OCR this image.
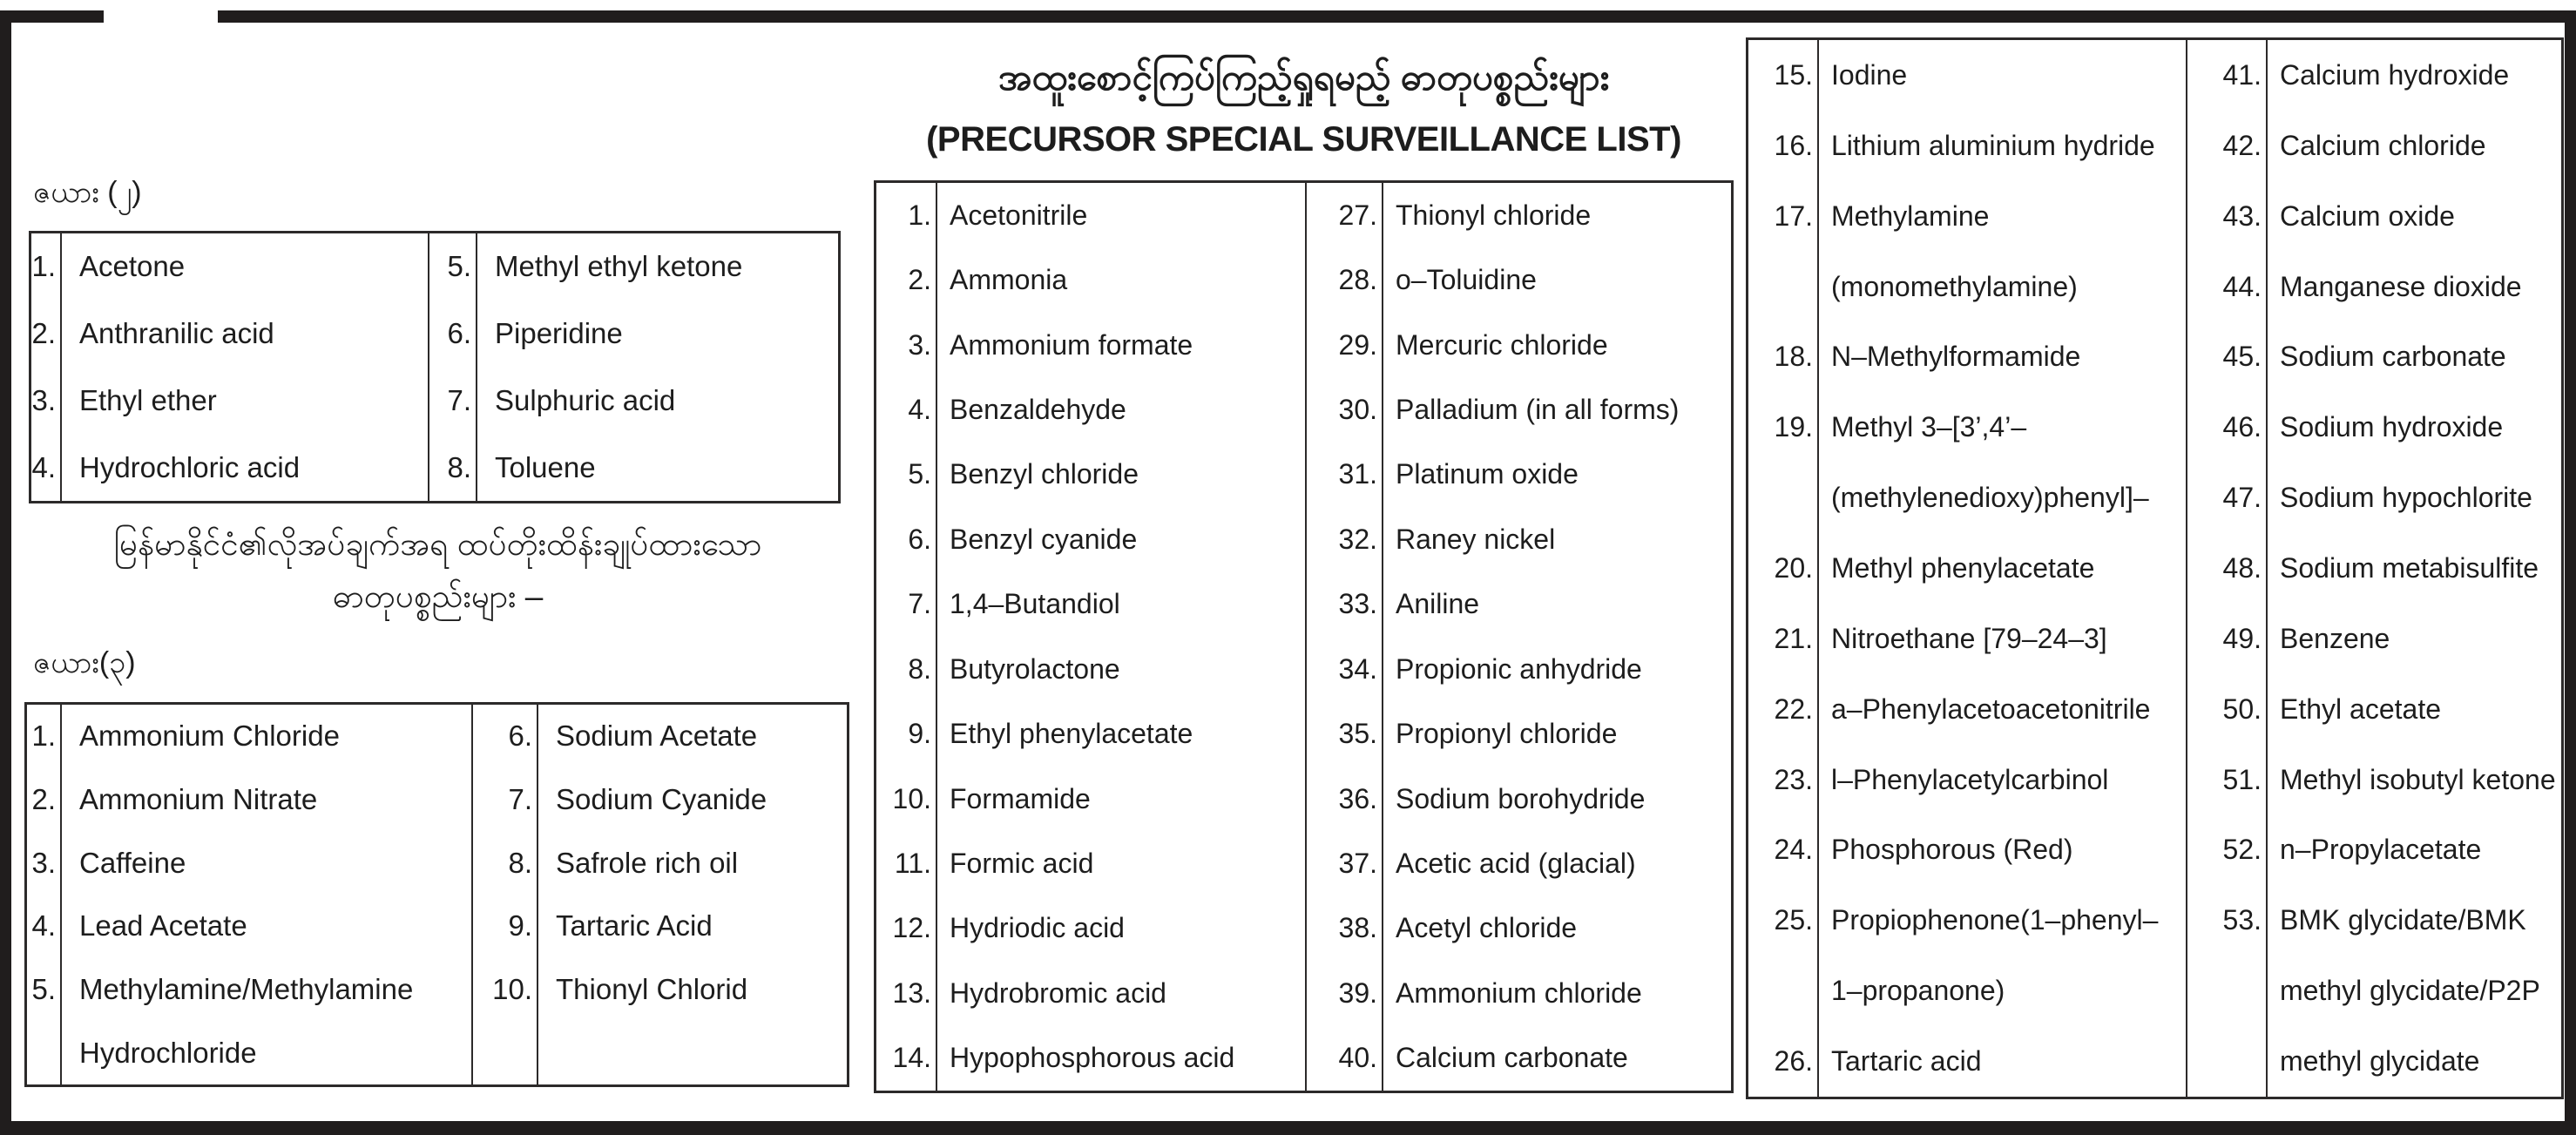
ဇယား (၂)
1. Acetone	5. Methyl ethyl ketone
2. Anthranilic acid	6. Piperidine
3. Ethyl ether	7. Sulphuric acid
4. Hydrochloric acid	8. Toluene
မြန်မာနိုင်ငံ၏လိုအပ်ချက်အရ ထပ်တိုးထိန်းချုပ်ထားသော
ဓာတုပစ္စည်းများ –
ဇယား(၃)
1. Ammonium Chloride	6. Sodium Acetate
2. Ammonium Nitrate	7. Sodium Cyanide
3. Caffeine	8. Safrole rich oil
4. Lead Acetate	9. Tartaric Acid
5. Methylamine/Methylamine	10. Thionyl Chlorid
Hydrochloride
အထူးစောင့်ကြပ်ကြည့်ရှုရမည့် ဓာတုပစ္စည်းများ
(PRECURSOR SPECIAL SURVEILLANCE LIST)
1. Acetonitrile	27. Thionyl chloride
2. Ammonia	28. o–Toluidine
3. Ammonium formate	29. Mercuric chloride
4. Benzaldehyde	30. Palladium (in all forms)
5. Benzyl chloride	31. Platinum oxide
6. Benzyl cyanide	32. Raney nickel
7. 1,4–Butandiol	33. Aniline
8. Butyrolactone	34. Propionic anhydride
9. Ethyl phenylacetate	35. Propionyl chloride
10. Formamide	36. Sodium borohydride
11. Formic acid	37. Acetic acid (glacial)
12. Hydriodic acid	38. Acetyl chloride
13. Hydrobromic acid	39. Ammonium chloride
14. Hypophosphorous acid	40. Calcium carbonate
15. Iodine	41. Calcium hydroxide
16. Lithium aluminium hydride	42. Calcium chloride
17. Methylamine	43. Calcium oxide
(monomethylamine)	44. Manganese dioxide
18. N–Methylformamide	45. Sodium carbonate
19. Methyl 3–[3’,4’–	46. Sodium hydroxide
(methylenedioxy)phenyl]–	47. Sodium hypochlorite
20. Methyl phenylacetate	48. Sodium metabisulfite
21. Nitroethane [79–24–3]	49. Benzene
22. a–Phenylacetoacetonitrile	50. Ethyl acetate
23. l–Phenylacetylcarbinol	51. Methyl isobutyl ketone
24. Phosphorous (Red)	52. n–Propylacetate
25. Propiophenone(1–phenyl–	53. BMK glycidate/BMK
1–propanone)	methyl glycidate/P2P
26. Tartaric acid	methyl glycidate
